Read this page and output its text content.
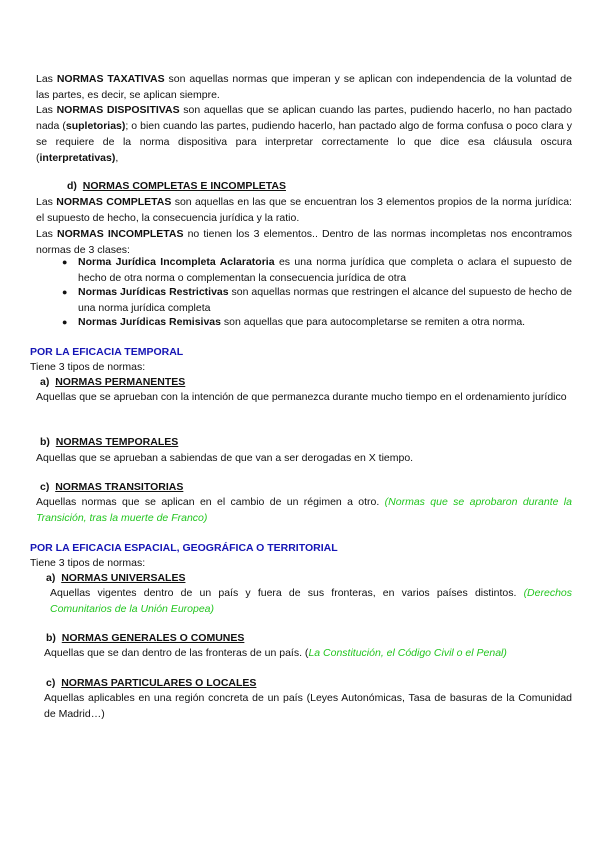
Las NORMAS TAXATIVAS son aquellas normas que imperan y se aplican con independencia de la voluntad de las partes, es decir, se aplican siempre.
Las NORMAS DISPOSITIVAS son aquellas que se aplican cuando las partes, pudiendo hacerlo, no han pactado nada (supletorias); o bien cuando las partes, pudiendo hacerlo, han pactado algo de forma confusa o poco clara y se requiere de la norma dispositiva para interpretar correctamente lo que dice esa cláusula oscura (interpretativas),
d) NORMAS COMPLETAS E INCOMPLETAS
Las NORMAS COMPLETAS son aquellas en las que se encuentran los 3 elementos propios de la norma jurídica: el supuesto de hecho, la consecuencia jurídica y la ratio.
Las NORMAS INCOMPLETAS no tienen los 3 elementos.. Dentro de las normas incompletas nos encontramos normas de 3 clases:
● Norma Jurídica Incompleta Aclaratoria es una norma jurídica que completa o aclara el supuesto de hecho de otra norma o complementan la consecuencia jurídica de otra
● Normas Jurídicas Restrictivas son aquellas normas que restringen el alcance del supuesto de hecho de una norma jurídica completa
● Normas Jurídicas Remisivas son aquellas que para autocompletarse se remiten a otra norma.
POR LA EFICACIA TEMPORAL
Tiene 3 tipos de normas:
a) NORMAS PERMANENTES
Aquellas que se aprueban con la intención de que permanezca durante mucho tiempo en el ordenamiento jurídico
b) NORMAS TEMPORALES
Aquellas que se aprueban a sabiendas de que van a ser derogadas en X tiempo.
c) NORMAS TRANSITORIAS
Aquellas normas que se aplican en el cambio de un régimen a otro. (Normas que se aprobaron durante la Transición, tras la muerte de Franco)
POR LA EFICACIA ESPACIAL, GEOGRÁFICA O TERRITORIAL
Tiene 3 tipos de normas:
a) NORMAS UNIVERSALES
Aquellas vigentes dentro de un país y fuera de sus fronteras, en varios países distintos. (Derechos Comunitarios de la Unión Europea)
b) NORMAS GENERALES O COMUNES
Aquellas que se dan dentro de las fronteras de un país. (La Constitución, el Código Civil o el Penal)
c) NORMAS PARTICULARES O LOCALES
Aquellas aplicables en una región concreta de un país (Leyes Autonómicas, Tasa de basuras de la Comunidad de Madrid…)
